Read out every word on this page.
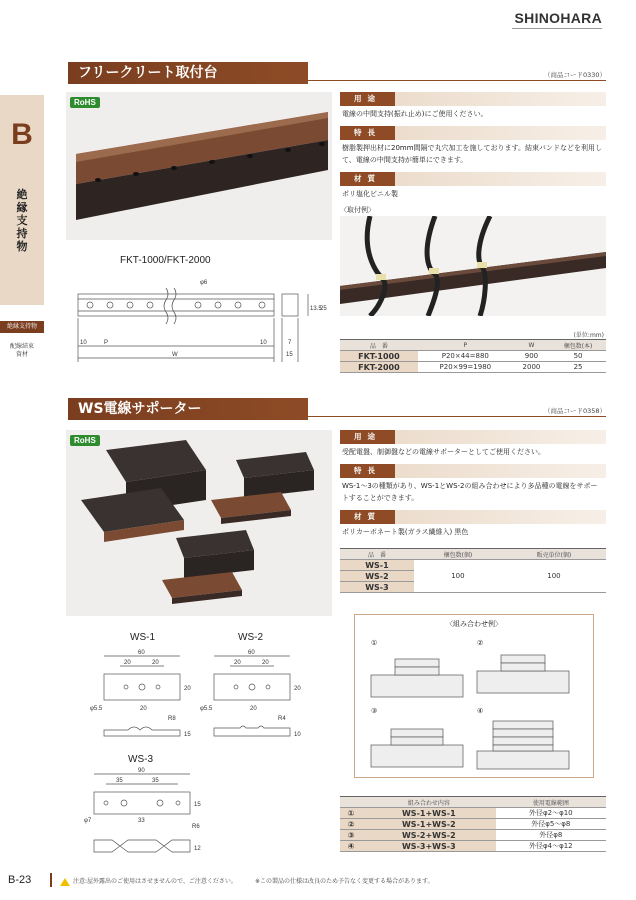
SHINOHARA
B
絶縁支持物
絶縁支持物
配線結束資材
フリークリート取付台	（商品コード0330）
RoHS	用途
電線の中間支持(振れ止め)にご使用ください。
特長
樹脂製押出材に20mm間隔で丸穴加工を施しております。結束バンドなどを利用して、電線の中間支持が簡単にできます。
材質
ポリ塩化ビニル製
〈取付例〉
FKT-1000/FKT-2000
φ6
10	P	10
W
13.5
25
7
15
(単位:mm)
品　番	P	W	梱包数(本)
FKT-1000	P20×44=880	900	50
FKT-2000	P20×99=1980	2000	25
WS電線サポーター	（商品コード0358）
RoHS	用途
受配電盤、制御盤などの電線サポーターとしてご使用ください。
特長
WS-1〜3の種類があり、WS-1とWS-2の組み合わせにより多品種の電線をサポートすることができます。
材質
ポリカーボネート製(ガラス繊維入) 黒色
品　番	梱包数(個)	販売単位(個)
WS-1	100	100
WS-2		
WS-3		
WS-1
60
20	20
20
20
φ5.5
R8
15
WS-2
60
20	20
20
20
φ5.5
R4
10
WS-3
90
35	35
33
15
φ7
R6
12
〈組み合わせ例〉
①	②
③	④
	組み合わせ内容	使用電線範囲
①	WS-1+WS-1	外径φ2〜φ10
②	WS-1+WS-2	外径φ5〜φ8
③	WS-2+WS-2	外径φ8
④	WS-3+WS-3	外径φ4〜φ12
B-23	注意:屋外露出のご使用はさせませんので、ご注意ください。	※この製品の仕様は改良のため予告なく変更する場合があります。
